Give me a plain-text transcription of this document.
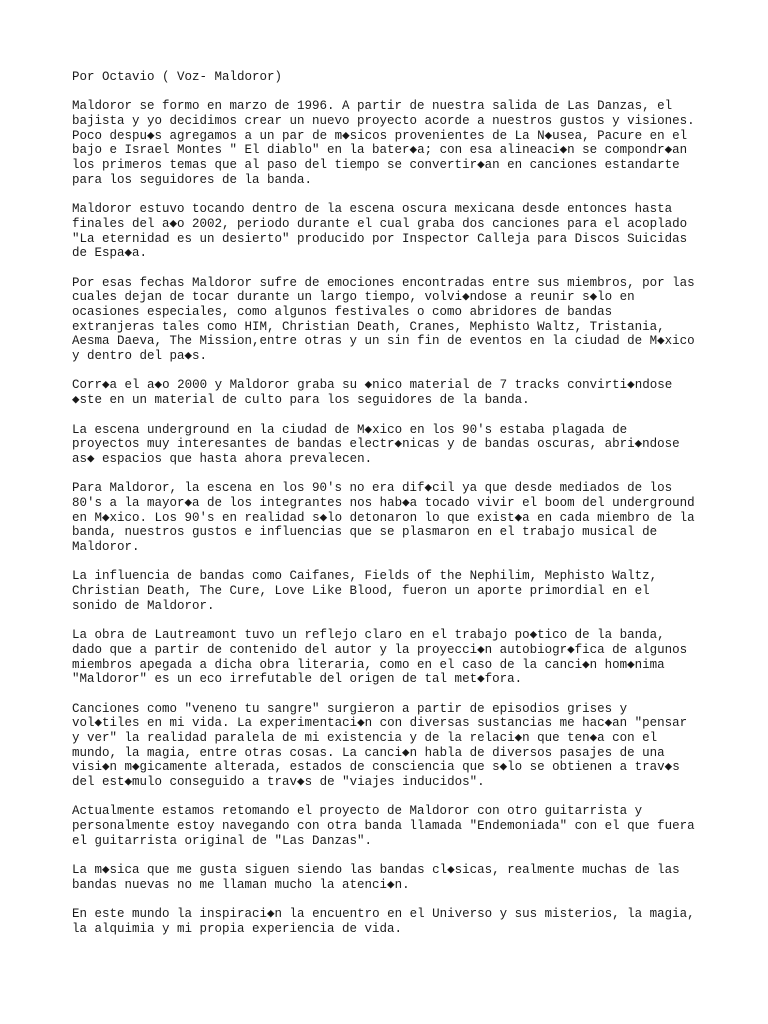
Por Octavio ( Voz- Maldoror)
Maldoror se formo en marzo de 1996. A partir de nuestra salida de Las Danzas, el
bajista y yo decidimos crear un nuevo proyecto acorde a nuestros gustos y visiones.
Poco despu◆s agregamos a un par de m◆sicos provenientes de La N◆usea, Pacure en el
bajo e Israel Montes " El diablo" en la bater◆a; con esa alineaci◆n se compondr◆an
los primeros temas que al paso del tiempo se convertir◆an en canciones estandarte
para los seguidores de la banda.
Maldoror estuvo tocando dentro de la escena oscura mexicana desde entonces hasta
finales del a◆o 2002, periodo durante el cual graba dos canciones para el acoplado
"La eternidad es un desierto" producido por Inspector Calleja para Discos Suicidas
de Espa◆a.
Por esas fechas Maldoror sufre de emociones encontradas entre sus miembros, por las
cuales dejan de tocar durante un largo tiempo, volvi◆ndose a reunir s◆lo en
ocasiones especiales, como algunos festivales o como abridores de bandas
extranjeras tales como HIM, Christian Death, Cranes, Mephisto Waltz, Tristania,
Aesma Daeva, The Mission,entre otras y un sin fin de eventos en la ciudad de M◆xico
y dentro del pa◆s.
Corr◆a el a◆o 2000 y Maldoror graba su ◆nico material de 7 tracks convirti◆ndose
◆ste en un material de culto para los seguidores de la banda.
La escena underground en la ciudad de M◆xico en los 90's estaba plagada de
proyectos muy interesantes de bandas electr◆nicas y de bandas oscuras, abri◆ndose
as◆ espacios que hasta ahora prevalecen.
Para Maldoror, la escena en los 90's no era dif◆cil ya que desde mediados de los
80's a la mayor◆a de los integrantes nos hab◆a tocado vivir el boom del underground
en M◆xico. Los 90's en realidad s◆lo detonaron lo que exist◆a en cada miembro de la
banda, nuestros gustos e influencias que se plasmaron en el trabajo musical de
Maldoror.
La influencia de bandas como Caifanes, Fields of the Nephilim, Mephisto Waltz,
Christian Death, The Cure, Love Like Blood, fueron un aporte primordial en el
sonido de Maldoror.
La obra de Lautreamont tuvo un reflejo claro en el trabajo po◆tico de la banda,
dado que a partir de contenido del autor y la proyecci◆n autobiogr◆fica de algunos
miembros apegada a dicha obra literaria, como en el caso de la canci◆n hom◆nima
"Maldoror" es un eco irrefutable del origen de tal met◆fora.
Canciones como "veneno tu sangre" surgieron a partir de episodios grises y
vol◆tiles en mi vida. La experimentaci◆n con diversas sustancias me hac◆an "pensar
y ver" la realidad paralela de mi existencia y de la relaci◆n que ten◆a con el
mundo, la magia, entre otras cosas. La canci◆n habla de diversos pasajes de una
visi◆n m◆gicamente alterada, estados de consciencia que s◆lo se obtienen a trav◆s
del est◆mulo conseguido a trav◆s de "viajes inducidos".
Actualmente estamos retomando el proyecto de Maldoror con otro guitarrista y
personalmente estoy navegando con otra banda llamada "Endemoniada" con el que fuera
el guitarrista original de "Las Danzas".
La m◆sica que me gusta siguen siendo las bandas cl◆sicas, realmente muchas de las
bandas nuevas no me llaman mucho la atenci◆n.
En este mundo la inspiraci◆n la encuentro en el Universo y sus misterios, la magia,
la alquimia y mi propia experiencia de vida.
